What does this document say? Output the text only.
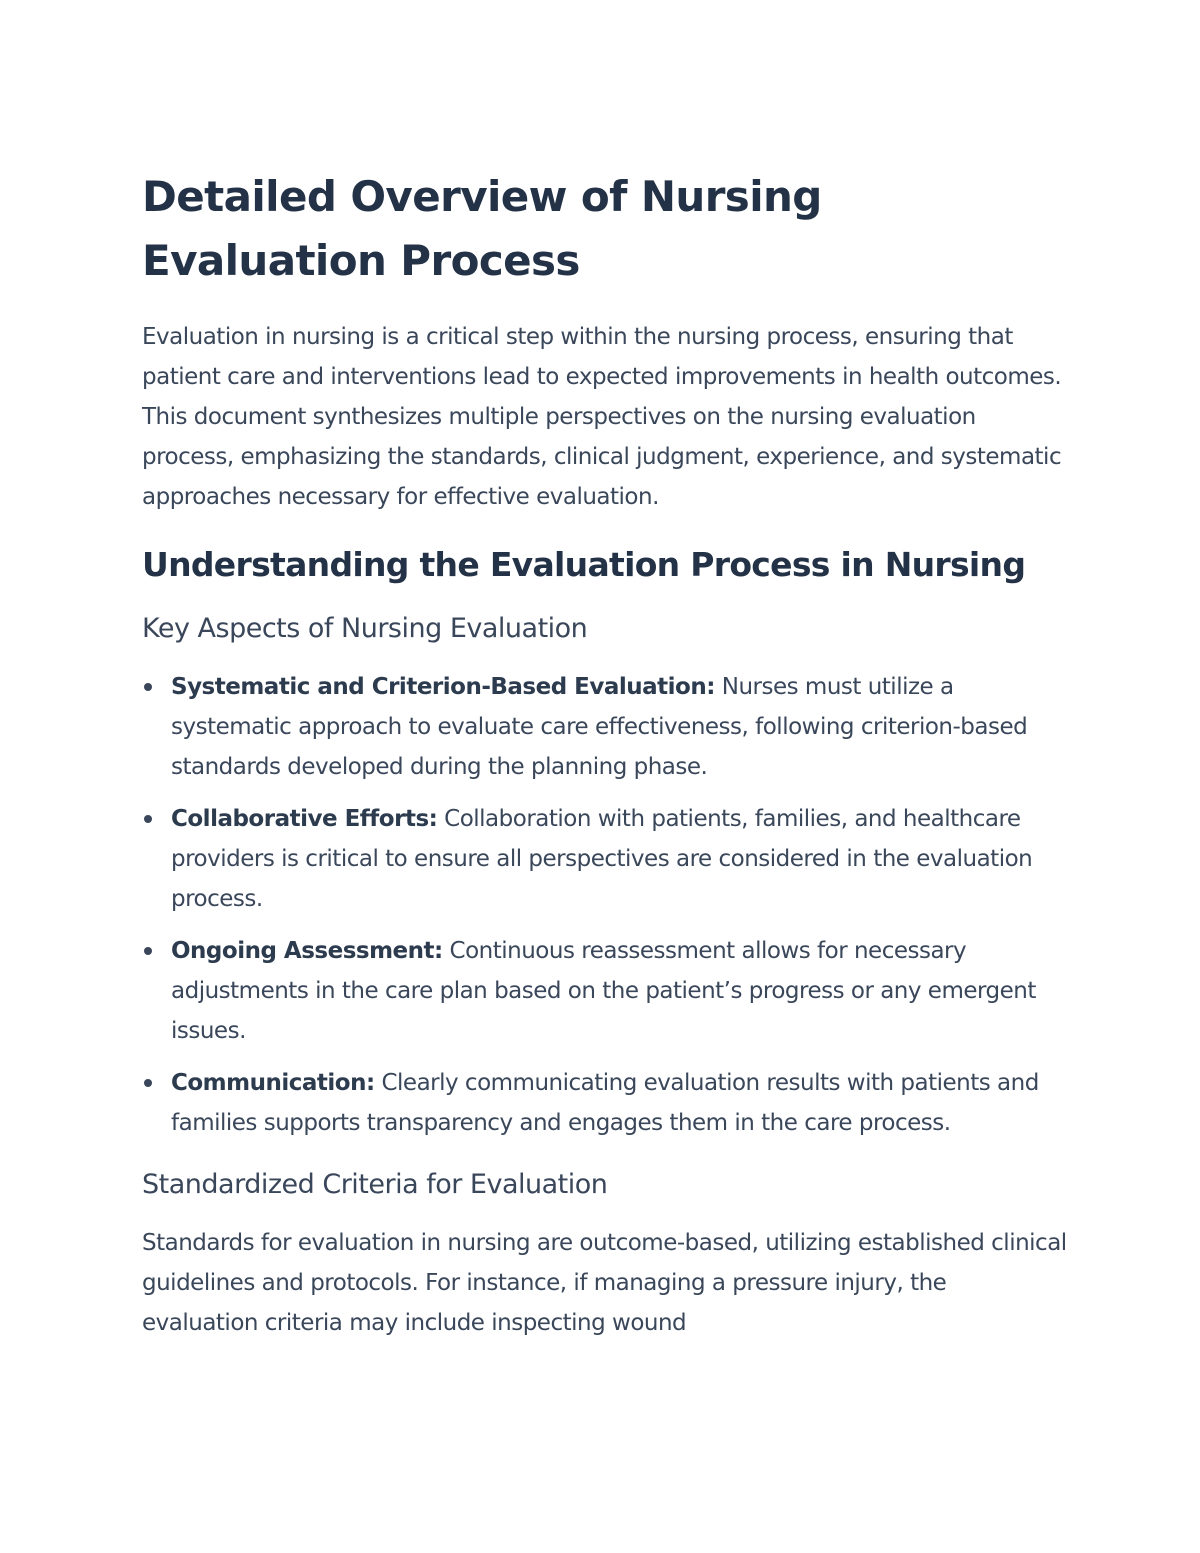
Detailed Overview of Nursing Evaluation Process

Evaluation in nursing is a critical step within the nursing process, ensuring that patient care and interventions lead to expected improvements in health outcomes. This document synthesizes multiple perspectives on the nursing evaluation process, emphasizing the standards, clinical judgment, experience, and systematic approaches necessary for effective evaluation.

Understanding the Evaluation Process in Nursing
Key Aspects of Nursing Evaluation
Systematic and Criterion-Based Evaluation: Nurses must utilize a systematic approach to evaluate care effectiveness, following criterion-based standards developed during the planning phase.
Collaborative Efforts: Collaboration with patients, families, and healthcare providers is critical to ensure all perspectives are considered in the evaluation process.
Ongoing Assessment: Continuous reassessment allows for necessary adjustments in the care plan based on the patient’s progress or any emergent issues.
Communication: Clearly communicating evaluation results with patients and families supports transparency and engages them in the care process.
Standardized Criteria for Evaluation

Standards for evaluation in nursing are outcome-based, utilizing established clinical guidelines and protocols. For instance, if managing a pressure injury, the evaluation criteria may include inspecting wound
